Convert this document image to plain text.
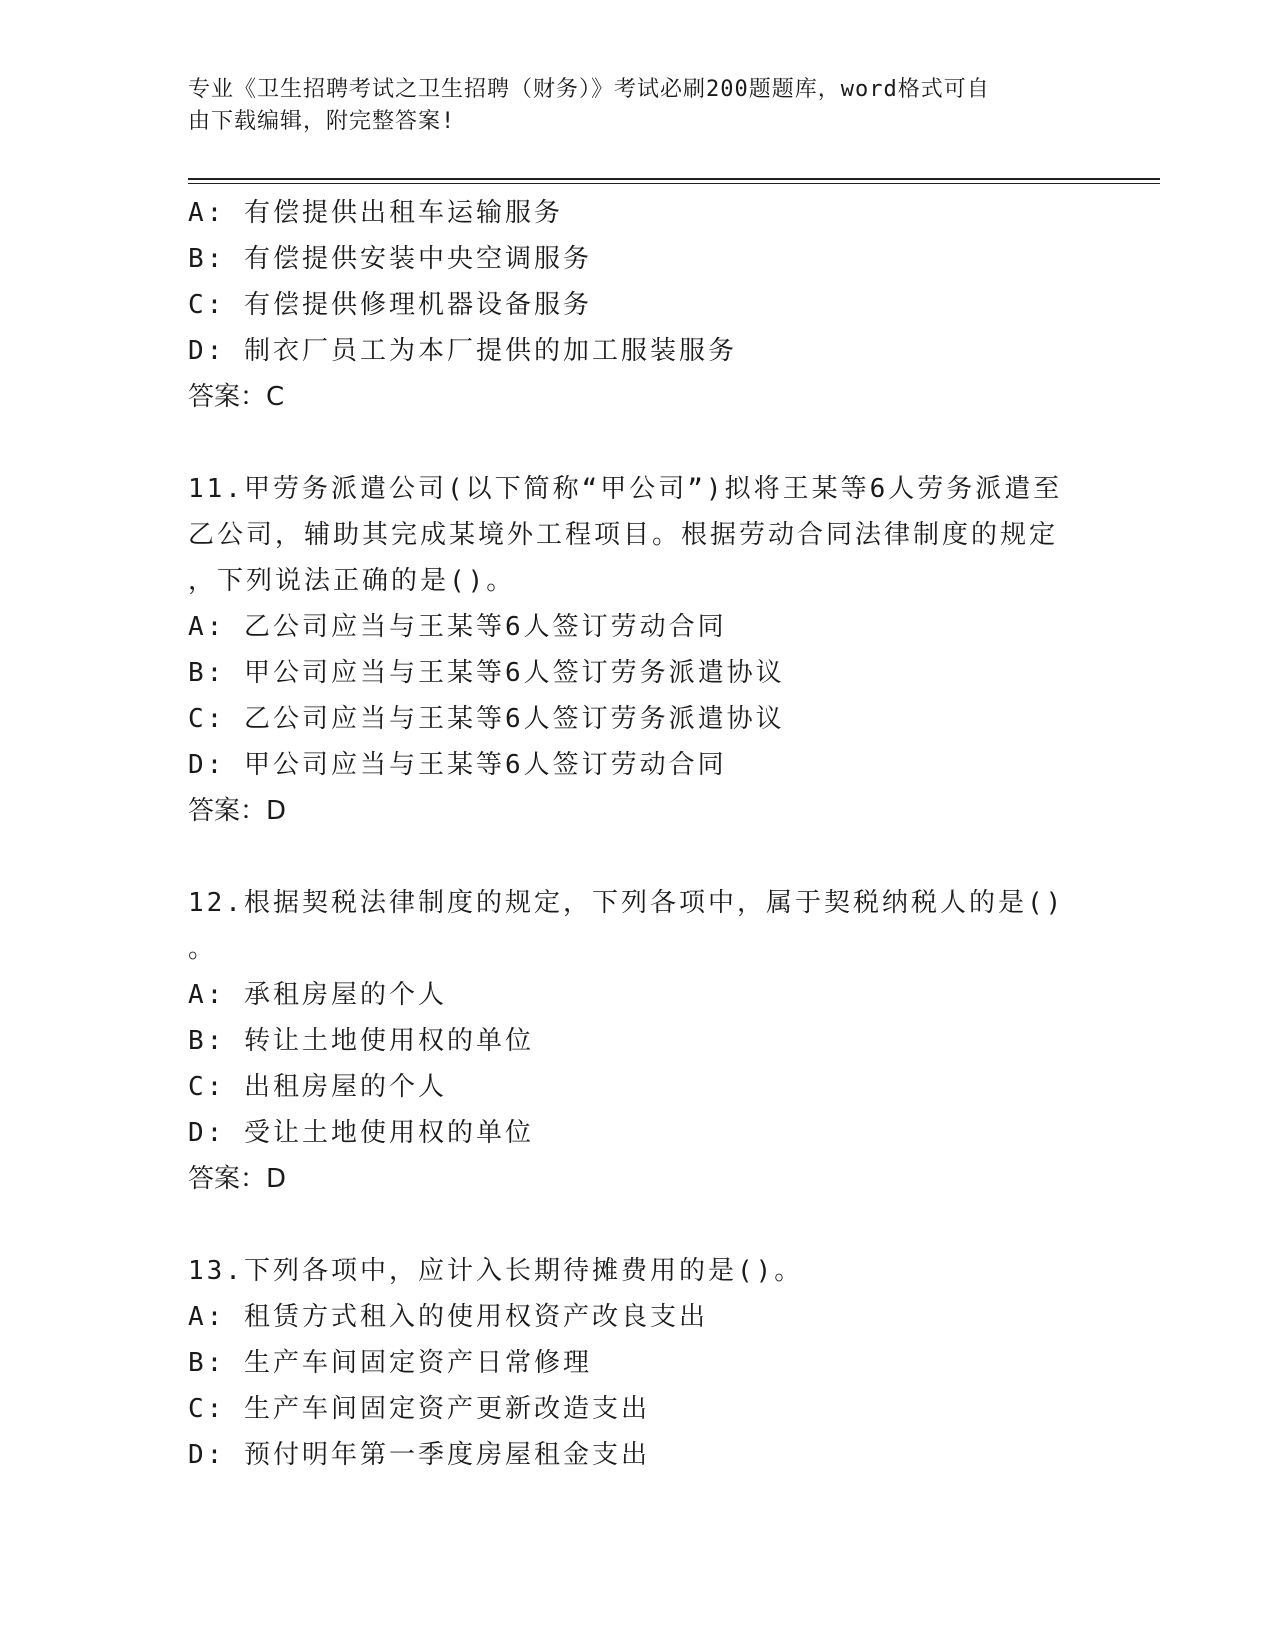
专业《卫生招聘考试之卫生招聘（财务）》考试必刷200题题库，word格式可自
由下载编辑，附完整答案!
A: 有偿提供出租车运输服务
B: 有偿提供安装中央空调服务
C: 有偿提供修理机器设备服务
D: 制衣厂员工为本厂提供的加工服装服务
答案：C
11.甲劳务派遣公司(以下简称“甲公司”)拟将王某等6人劳务派遣至
乙公司，辅助其完成某境外工程项目。根据劳动合同法律制度的规定
，下列说法正确的是()。
A: 乙公司应当与王某等6人签订劳动合同
B: 甲公司应当与王某等6人签订劳务派遣协议
C: 乙公司应当与王某等6人签订劳务派遣协议
D: 甲公司应当与王某等6人签订劳动合同
答案：D
12.根据契税法律制度的规定，下列各项中，属于契税纳税人的是()
。
A: 承租房屋的个人
B: 转让土地使用权的单位
C: 出租房屋的个人
D: 受让土地使用权的单位
答案：D
13.下列各项中，应计入长期待摊费用的是()。
A: 租赁方式租入的使用权资产改良支出
B: 生产车间固定资产日常修理
C: 生产车间固定资产更新改造支出
D: 预付明年第一季度房屋租金支出
